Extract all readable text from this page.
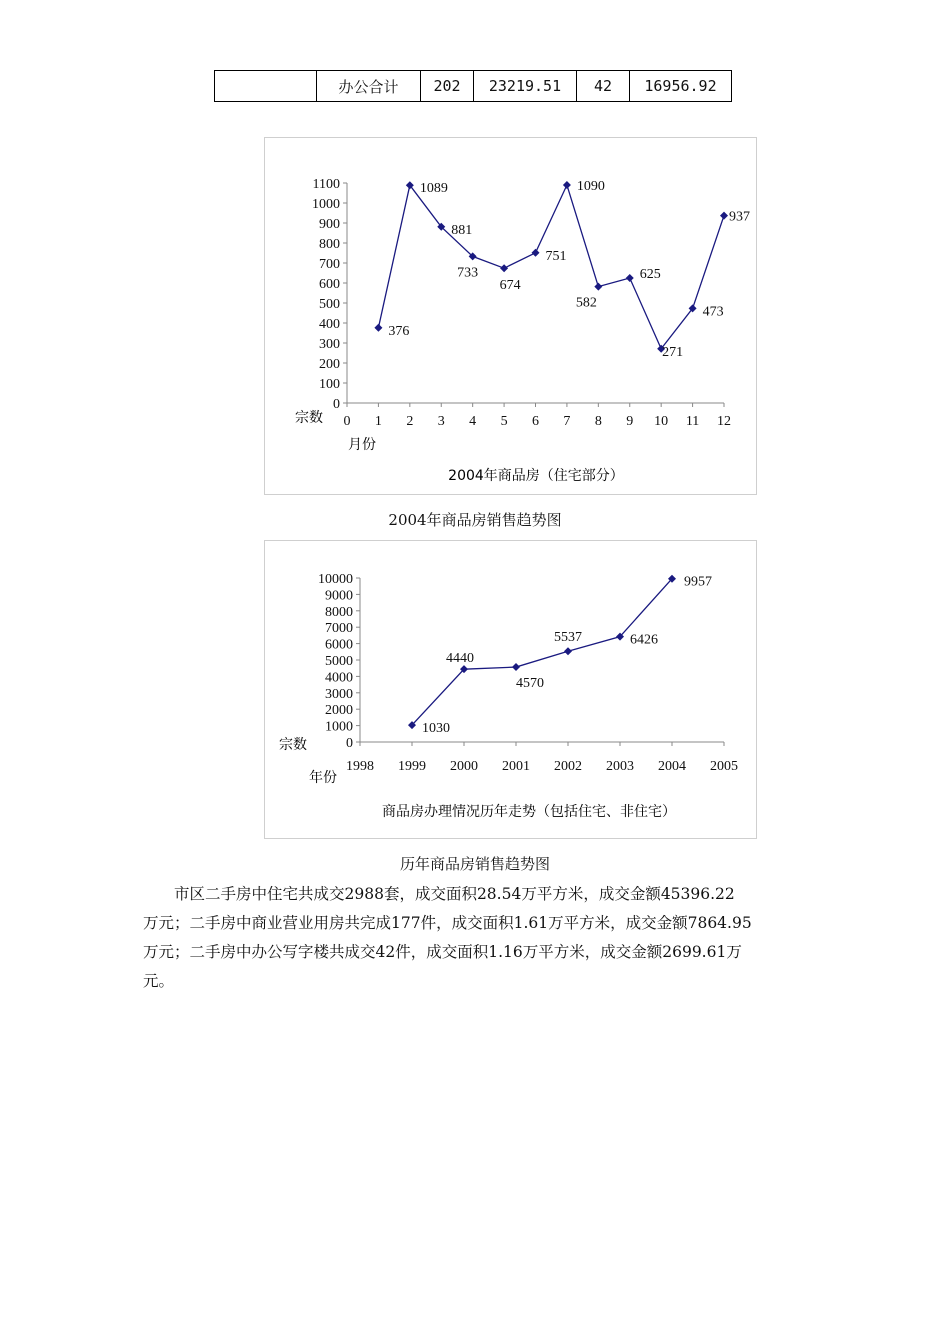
	办公合计	202	23219.51	42	16956.92
宗数
月份
2004年商品房（住宅部分）
0
100
200
300
400
500
600
700
800
900
1000
1100
0 1 2 3 4 5 6 7 8 9 10 11 12
376
1089
881
733
674
751
1090
582
625
271
473
937
2004年商品房销售趋势图
宗数
年份
商品房办理情况历年走势（包括住宅、非住宅）
0
1000
2000
3000
4000
5000
6000
7000
8000
9000
10000
1998 1999 2000 2001 2002 2003 2004 2005
1030
4440
4570
5537	6426
9957
历年商品房销售趋势图
市区二手房中住宅共成交2988套，成交面积28.54万平方米，成交金额45396.22
万元；二手房中商业营业用房共完成177件，成交面积1.61万平方米，成交金额7864.95
万元；二手房中办公写字楼共成交42件，成交面积1.16万平方米，成交金额2699.61万
元。
